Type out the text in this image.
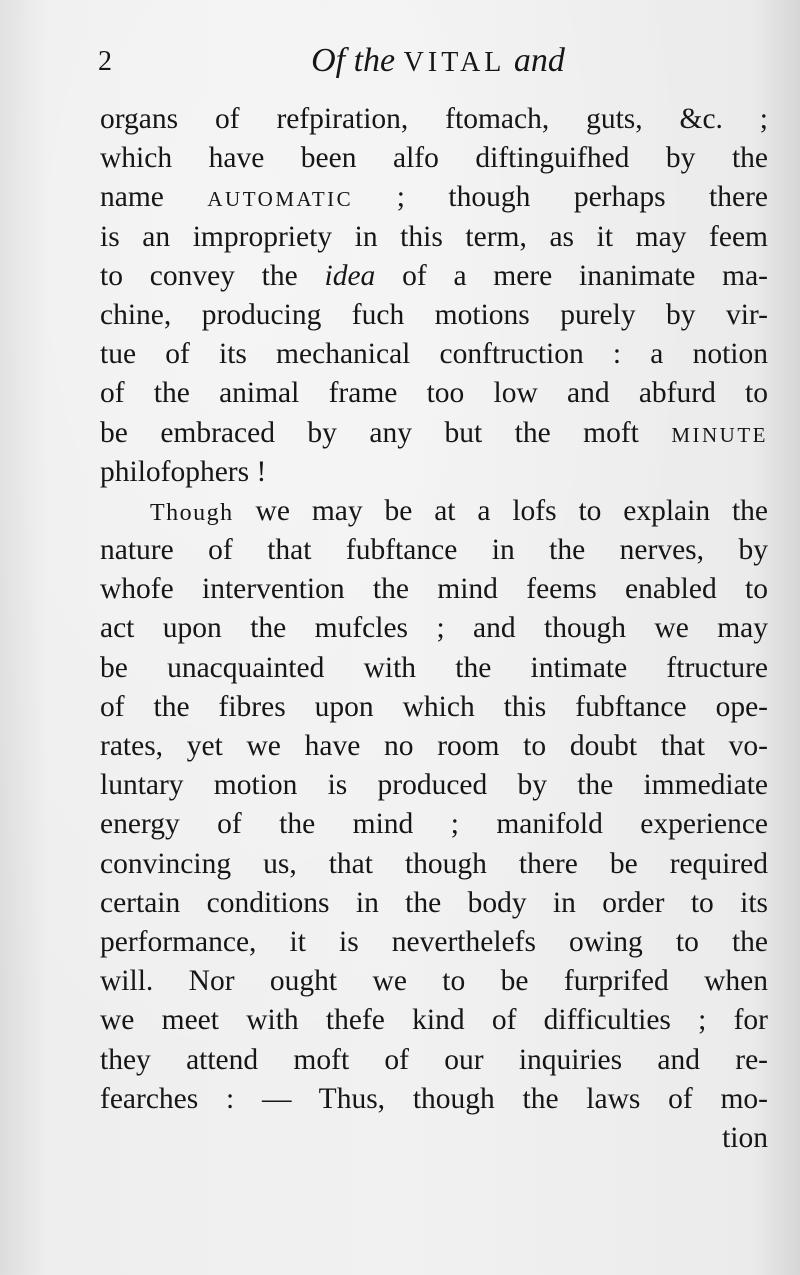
2	Of the VITAL and
organs of refpiration, ftomach, guts, &c. ;
which have been alfo diftinguifhed by the
name AUTOMATIC ; though perhaps there
is an impropriety in this term, as it may feem
to convey the idea of a mere inanimate ma-
chine, producing fuch motions purely by vir-
tue of its mechanical conftruction : a notion
of the animal frame too low and abfurd to
be embraced by any but the moft MINUTE
philofophers !
Though we may be at a lofs to explain the
nature of that fubftance in the nerves, by
whofe intervention the mind feems enabled to
act upon the mufcles ; and though we may
be unacquainted with the intimate ftructure
of the fibres upon which this fubftance ope-
rates, yet we have no room to doubt that vo-
luntary motion is produced by the immediate
energy of the mind ; manifold experience
convincing us, that though there be required
certain conditions in the body in order to its
performance, it is neverthelefs owing to the
will. Nor ought we to be furprifed when
we meet with thefe kind of difficulties ; for
they attend moft of our inquiries and re-
fearches : — Thus, though the laws of mo-
tion
